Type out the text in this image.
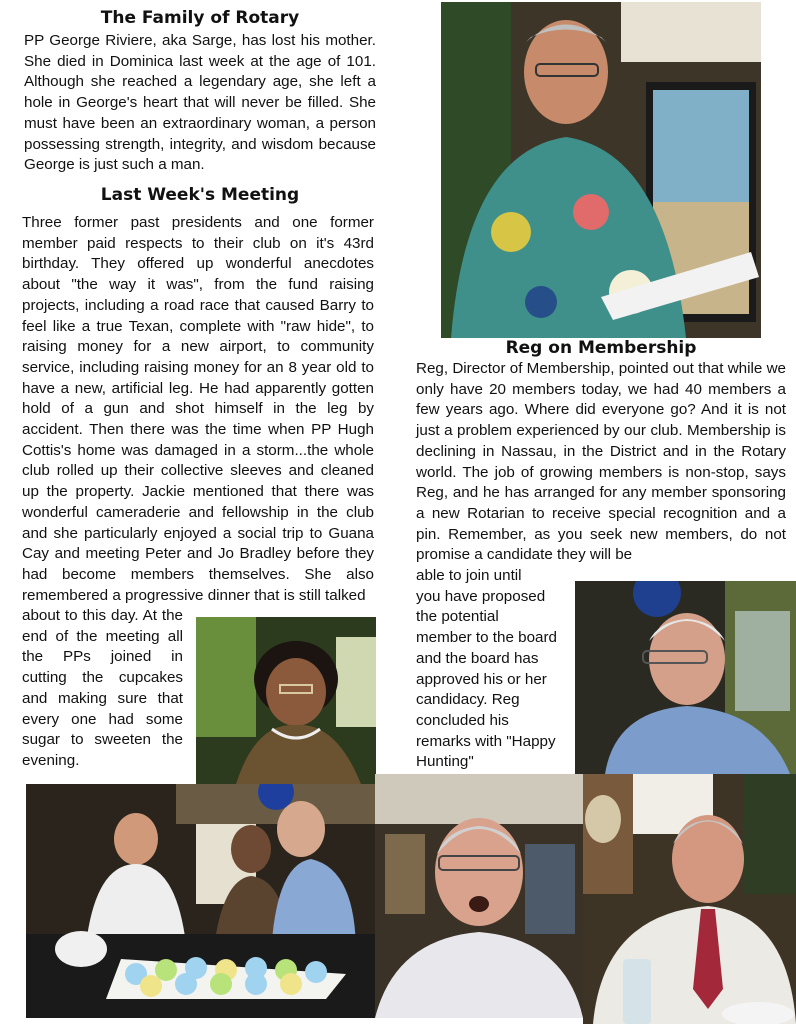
The Family of Rotary

PP George Riviere, aka Sarge, has lost his mother. She died in Dominica last week at the age of 101. Although she reached a legendary age, she left a hole in George's heart that will never be filled. She must have been an extraordinary woman, a person possessing strength, integrity, and wisdom because George is just such a man.

Last Week's Meeting

Three former past presidents and one former member paid respects to their club on it's 43rd birthday. They offered up wonderful anecdotes about "the way it was", from the fund raising projects, including a road race that caused Barry to feel like a true Texan, complete with "raw hide", to raising money for a new airport, to community service, including raising money for an 8 year old to have a new, artificial leg. He had apparently gotten hold of a gun and shot himself in the leg by accident. Then there was the time when PP Hugh Cottis's home was damaged in a storm...the whole club rolled up their collective sleeves and cleaned up the property. Jackie mentioned that there was wonderful cameraderie and fellowship in the club and she particularly enjoyed a social trip to Guana Cay and meeting Peter and Jo Bradley before they had become members themselves. She also remembered a progressive dinner that is still talked

about to this day. At the end of the meeting all the PPs joined in cutting the cupcakes and making sure that every one had some sugar to sweeten the evening.

Reg on Membership

Reg, Director of Membership, pointed out that while we only have 20 members today, we had 40 members a few years ago. Where did everyone go? And it is not just a problem experienced by our club. Membership is declining in Nassau, in the District and in the Rotary world. The job of growing members is non-stop, says Reg, and he has arranged for any member sponsoring a new Rotarian to receive special recognition and a pin. Remember, as you seek new members, do not promise a candidate they will be

able to join until
you have proposed
the potential
member to the board
and the board has
approved his or her
candidacy. Reg
concluded his
remarks with "Happy
Hunting"
